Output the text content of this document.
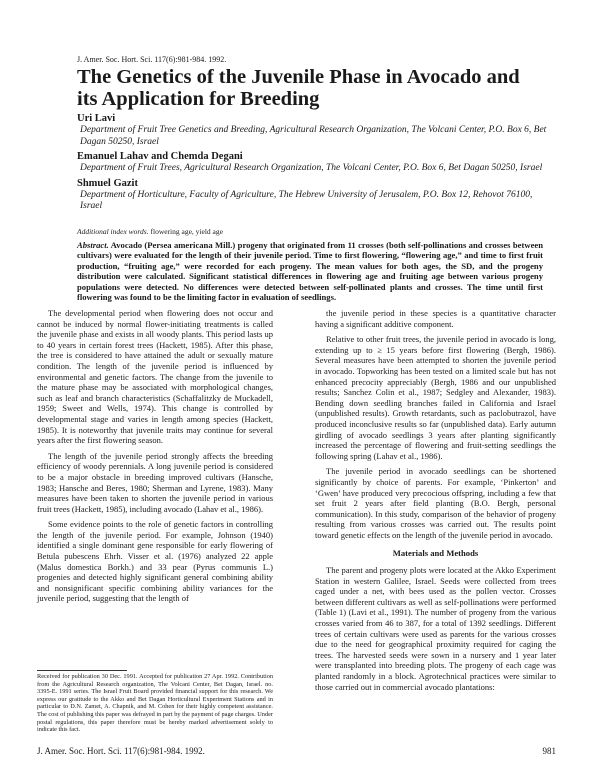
J. Amer. Soc. Hort. Sci. 117(6):981-984. 1992.
The Genetics of the Juvenile Phase in Avocado and its Application for Breeding
Uri Lavi
Department of Fruit Tree Genetics and Breeding, Agricultural Research Organization, The Volcani Center, P.O. Box 6, Bet Dagan 50250, Israel
Emanuel Lahav and Chemda Degani
Department of Fruit Trees, Agricultural Research Organization, The Volcani Center, P.O. Box 6, Bet Dagan 50250, Israel
Shmuel Gazit
Department of Horticulture, Faculty of Agriculture, The Hebrew University of Jerusalem, P.O. Box 12, Rehovot 76100, Israel
Additional index words. flowering age, yield age
Abstract. Avocado (Persea americana Mill.) progeny that originated from 11 crosses (both self-pollinations and crosses between cultivars) were evaluated for the length of their juvenile period. Time to first flowering, “flowering age,” and time to first fruit production, “fruiting age,” were recorded for each progeny. The mean values for both ages, the SD, and the progeny distribution were calculated. Significant statistical differences in flowering age and fruiting age between various progeny populations were detected. No differences were detected between self-pollinated plants and crosses. The time until first flowering was found to be the limiting factor in evaluation of seedlings.

The developmental period when flowering does not occur and cannot be induced by normal flower-initiating treatments is called the juvenile phase and exists in all woody plants. This period lasts up to 40 years in certain forest trees (Hackett, 1985). After this phase, the tree is considered to have attained the adult or sexually mature condition. The length of the juvenile period is influenced by environmental and genetic factors. The change from the juvenile to the mature phase may be associated with morphological changes, such as leaf and branch characteristics (Schaffalitzky de Muckadell, 1959; Sweet and Wells, 1974). This change is controlled by developmental stage and varies in length among species (Hackett, 1985). It is noteworthy that juvenile traits may continue for several years after the first flowering season.

The length of the juvenile period strongly affects the breeding efficiency of woody perennials. A long juvenile period is considered to be a major obstacle in breeding improved cultivars (Hansche, 1983; Hansche and Beres, 1980; Sherman and Lyrene, 1983). Many measures have been taken to shorten the juvenile period in various fruit trees (Hackett, 1985), including avocado (Lahav et al., 1986).

Some evidence points to the role of genetic factors in controlling the length of the juvenile period. For example, Johnson (1940) identified a single dominant gene responsible for early flowering of Betula pubescens Ehrh. Visser et al. (1976) analyzed 22 apple (Malus domestica Borkh.) and 33 pear (Pyrus communis L.) progenies and detected highly significant general combining ability and nonsignificant specific combining ability variances for the juvenile period, suggesting that the length of

the juvenile period in these species is a quantitative character having a significant additive component.

Relative to other fruit trees, the juvenile period in avocado is long, extending up to ≥ 15 years before first flowering (Bergh, 1986). Several measures have been attempted to shorten the juvenile period in avocado. Topworking has been tested on a limited scale but has not enhanced precocity appreciably (Bergh, 1986 and our unpublished results; Sanchez Colin et al., 1987; Sedgley and Alexander, 1983). Bending down seedling branches failed in California and Israel (unpublished results). Growth retardants, such as paclobutrazol, have produced inconclusive results so far (unpublished data). Early autumn girdling of avocado seedlings 3 years after planting significantly increased the percentage of flowering and fruit-setting seedlings the following spring (Lahav et al., 1986).

The juvenile period in avocado seedlings can be shortened significantly by choice of parents. For example, ‘Pinkerton’ and ‘Gwen’ have produced very precocious offspring, including a few that set fruit 2 years after field planting (B.O. Bergh, personal communication). In this study, comparison of the behavior of progeny resulting from various crosses was carried out. The results point toward genetic effects on the length of the juvenile period in avocado.

Materials and Methods

The parent and progeny plots were located at the Akko Experiment Station in western Galilee, Israel. Seeds were collected from trees caged under a net, with bees used as the pollen vector. Crosses between different cultivars as well as self-pollinations were performed (Table 1) (Lavi et al., 1991). The number of progeny from the various crosses varied from 46 to 387, for a total of 1392 seedlings. Different trees of certain cultivars were used as parents for the various crosses due to the need for geographical proximity required for caging the trees. The harvested seeds were sown in a nursery and 1 year later were transplanted into breeding plots. The progeny of each cage was planted randomly in a block. Agrotechnical practices were similar to those carried out in commercial avocado plantations:

Received for publication 30 Dec. 1991. Accepted for publication 27 Apr. 1992. Contribution from the Agricultural Research organization, The Volcani Center, Bet Dagan, Israel. no. 3395-E. 1991 series. The Israel Fruit Board provided financial support for this research. We express our gratitude to the Akko and Bet Dagan Horticultural Experiment Stations and in particular to D.N. Zamet, A. Chapnik, and M. Cohen for their highly competent assistance. The cost of publishing this paper was defrayed in part by the payment of page charges. Under postal regulations, this paper therefore must be hereby marked advertisement solely to indicate this fact.
J. Amer. Soc. Hort. Sci. 117(6):981-984. 1992.	981
